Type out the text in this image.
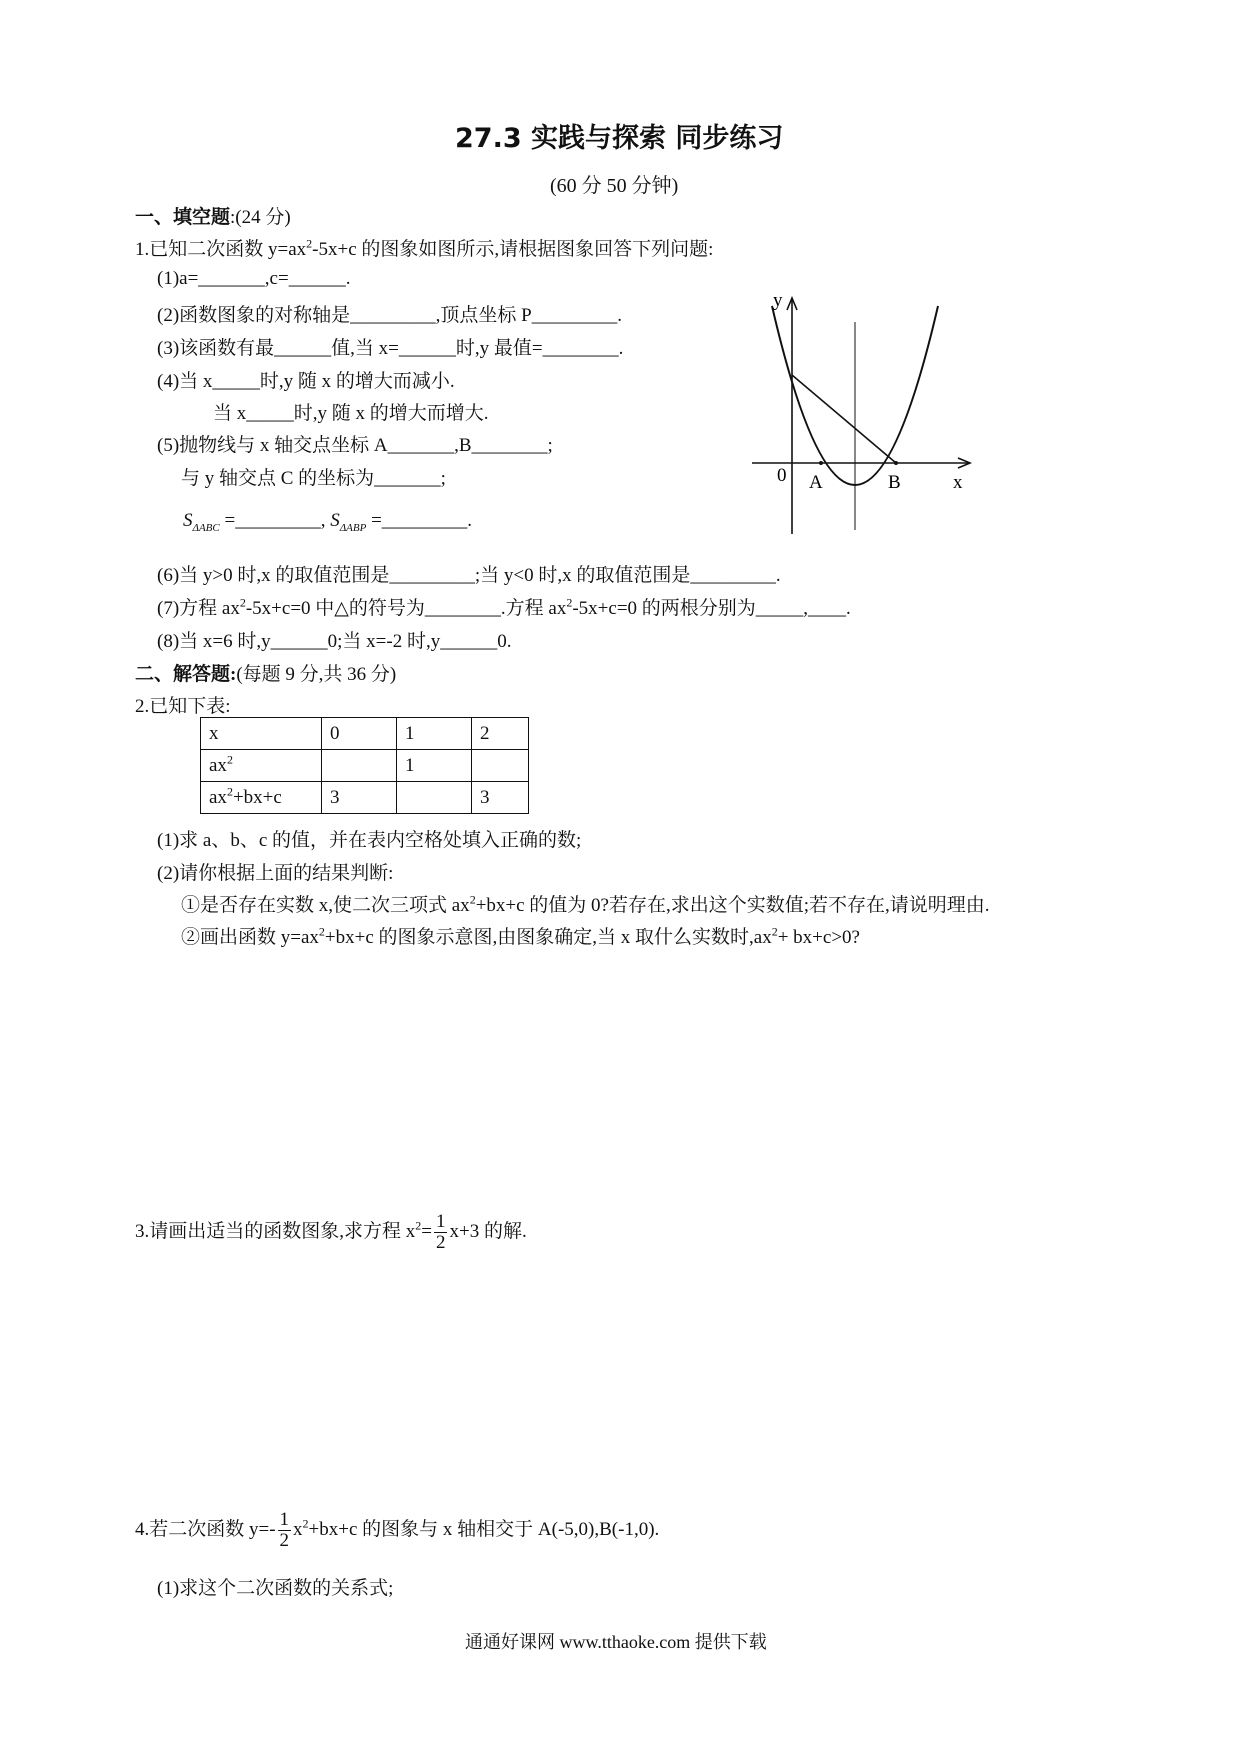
27.3 实践与探索 同步练习
(60 分 50 分钟)
一、填空题:(24 分)
1.已知二次函数 $y=ax^2-5x+c$ 的图象如图所示,请根据图象回答下列问题:
(1)a=_______,c=______.
(2)函数图象的对称轴是_________,顶点坐标 P_________.
(3)该函数有最______值,当 x=______时,y 最值=________.
(4)当 x_____时,y 随 x 的增大而减小.
当 x_____时,y 随 x 的增大而增大.
(5)抛物线与 x 轴交点坐标 A_______,B________;
与 y 轴交点 C 的坐标为_______;
$S_{\Delta ABC}$ =_________, $S_{\Delta ABP}$ =_________.
(6)当 y>0 时,x 的取值范围是_________;当 y<0 时,x 的取值范围是_________.
(7)方程 $ax^2-5x+c=0$ 中△的符号为________.方程 $ax^2-5x+c=0$ 的两根分别为_____,____.
(8)当 x=6 时,y______0;当 x=-2 时,y______0.
y
x
0 A	B
二、解答题:(每题 9 分,共 36 分)
2.已知下表:
x	0	1	2
$ax^2$		1	
$ax^2+bx+c$	3		3
(1)求 a、b、c 的值，并在表内空格处填入正确的数;
(2)请你根据上面的结果判断:
①是否存在实数 x,使二次三项式 $ax^2+bx+c$ 的值为 0?若存在,求出这个实数值;若不存在,请说明理由.
②画出函数 $y=ax^2+bx+c$ 的图象示意图,由图象确定,当 x 取什么实数时$,ax^2+ bx+c>0$?
3.请画出适当的函数图象,求方程 $x^2= \frac{1}{2} x+3$ 的解.
4.若二次函数 $y=- \frac{1}{2} x^2+bx+c$ 的图象与 x 轴相交于 A(-5,0),B(-1,0).
(1)求这个二次函数的关系式;
通通好课网 www.tthaoke.com 提供下载
